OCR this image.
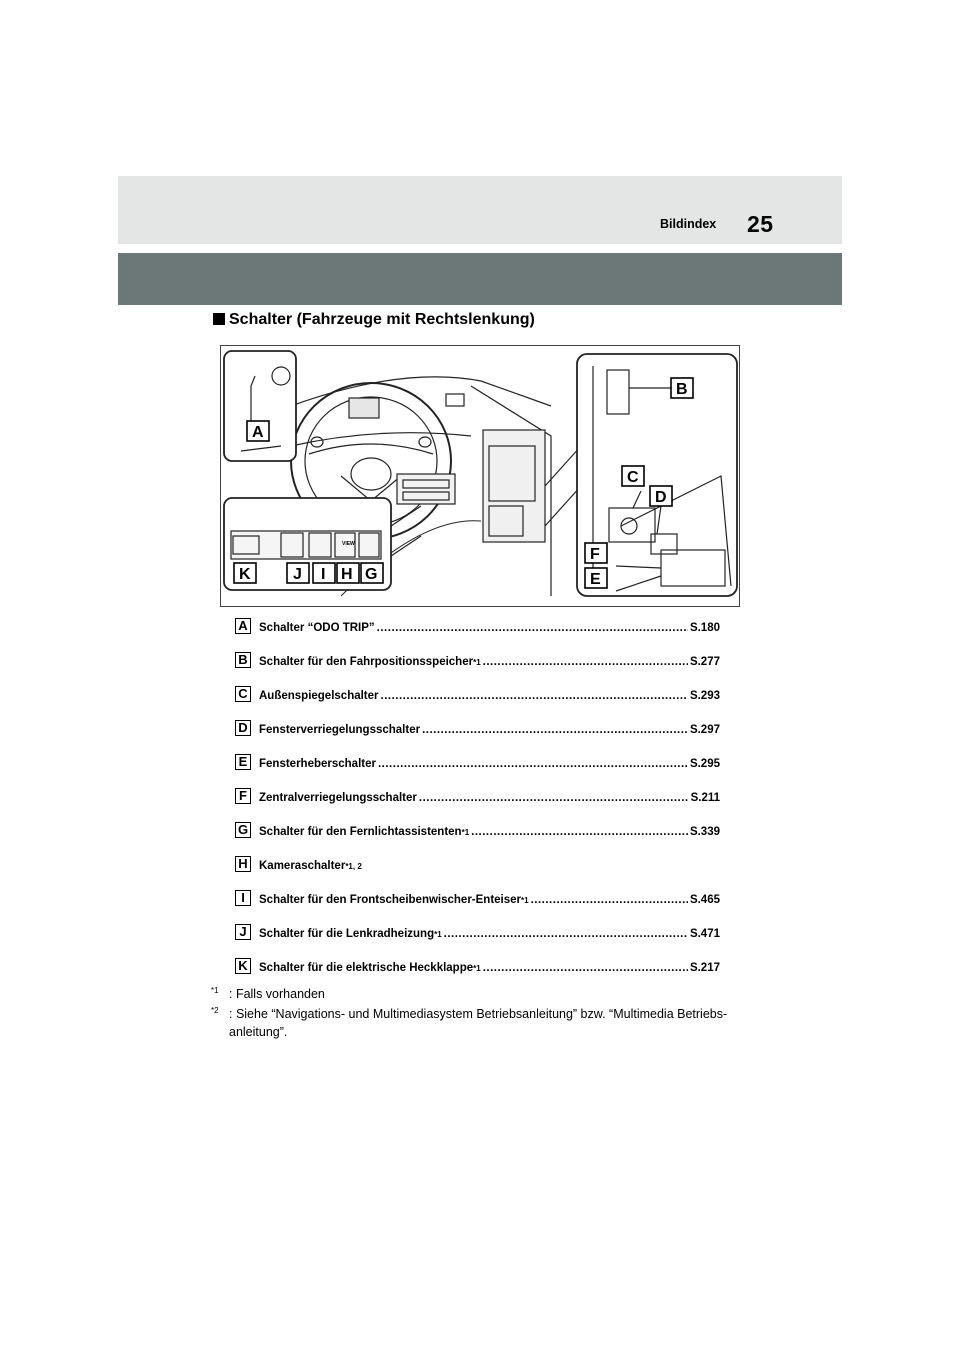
Bildindex 25
Schalter (Fahrzeuge mit Rechtslenkung)
VIEW
A
B
C
D
E
F
G
H
I
J
K
A Schalter “ODO TRIP” .....	S.180
B Schalter für den Fahrpositionsspeicher *1 .....	S.277
C Außenspiegelschalter .....	S.293
D Fensterverriegelungsschalter .....	S.297
E	Fensterheberschalter .....	S.295
F	Zentralverriegelungsschalter .....	S.211
G Schalter für den Fernlichtassistenten *1 .....	S.339
H Kameraschalter *1, 2
I	Schalter für den Frontscheibenwischer-Enteiser *1 .....	S.465
J	Schalter für die Lenkradheizung *1 .....	S.471
K Schalter für die elektrische Heckklappe *1 .....	S.217
$^{*1}$ : Falls vorhanden
$^{*2}$ : Siehe “Navigations- und Multimediasystem Betriebsanleitung” bzw. “Multimedia Betriebs-anleitung”.
